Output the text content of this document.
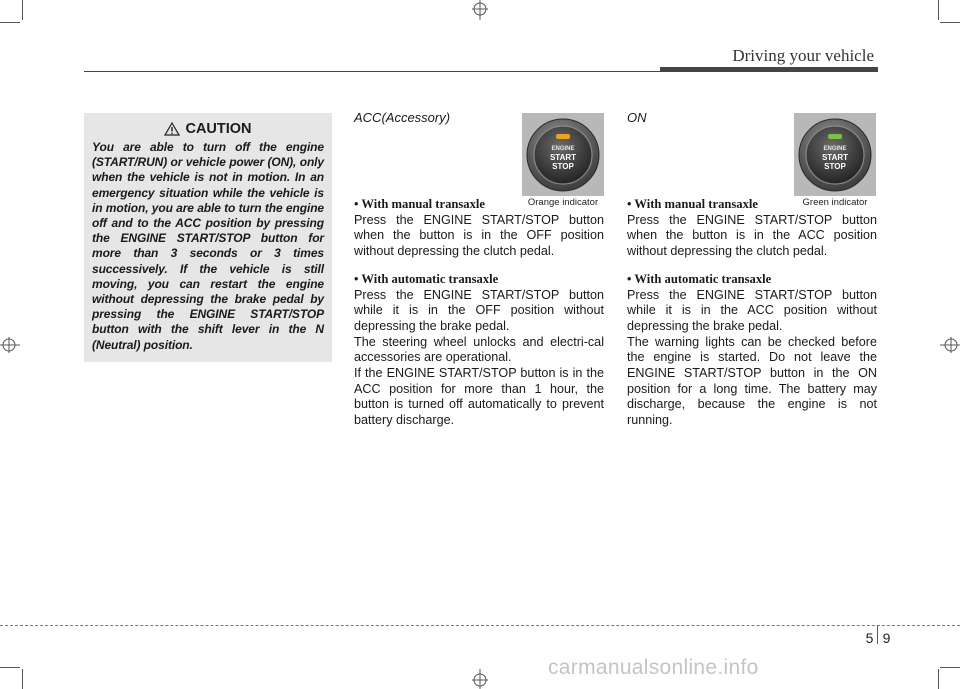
Driving your vehicle
CAUTION
You are able to turn off the engine (START/RUN) or vehicle power (ON), only when the vehicle is not in motion. In an emergency situation while the vehicle is in motion, you are able to turn the engine off and to the ACC position by pressing the ENGINE START/STOP button for more than 3 seconds or 3 times successively. If the vehicle is still moving, you can restart the engine without depressing the brake pedal by pressing the ENGINE START/STOP button with the shift lever in the N (Neutral) position.

ACC(Accessory)

• With manual transaxle

Press the ENGINE START/STOP button when the button is in the OFF position without depressing the clutch pedal.

• With automatic transaxle

Press the ENGINE START/STOP button while it is in the OFF position without depressing the brake pedal.

The steering wheel unlocks and electri-cal accessories are operational.

If the ENGINE START/STOP button is in the ACC position for more than 1 hour, the button is turned off automatically to prevent battery discharge.

ENGINE
START
STOP
Orange indicator

ON

• With manual transaxle

Press the ENGINE START/STOP button when the button is in the ACC position without depressing the clutch pedal.

• With automatic transaxle

Press the ENGINE START/STOP button while it is in the ACC position without depressing the brake pedal.

The warning lights can be checked before the engine is started. Do not leave the ENGINE START/STOP button in the ON position for a long time. The battery may discharge, because the engine is not running.

ENGINE
START
STOP
Green indicator
5 9
carmanualsonline.info
